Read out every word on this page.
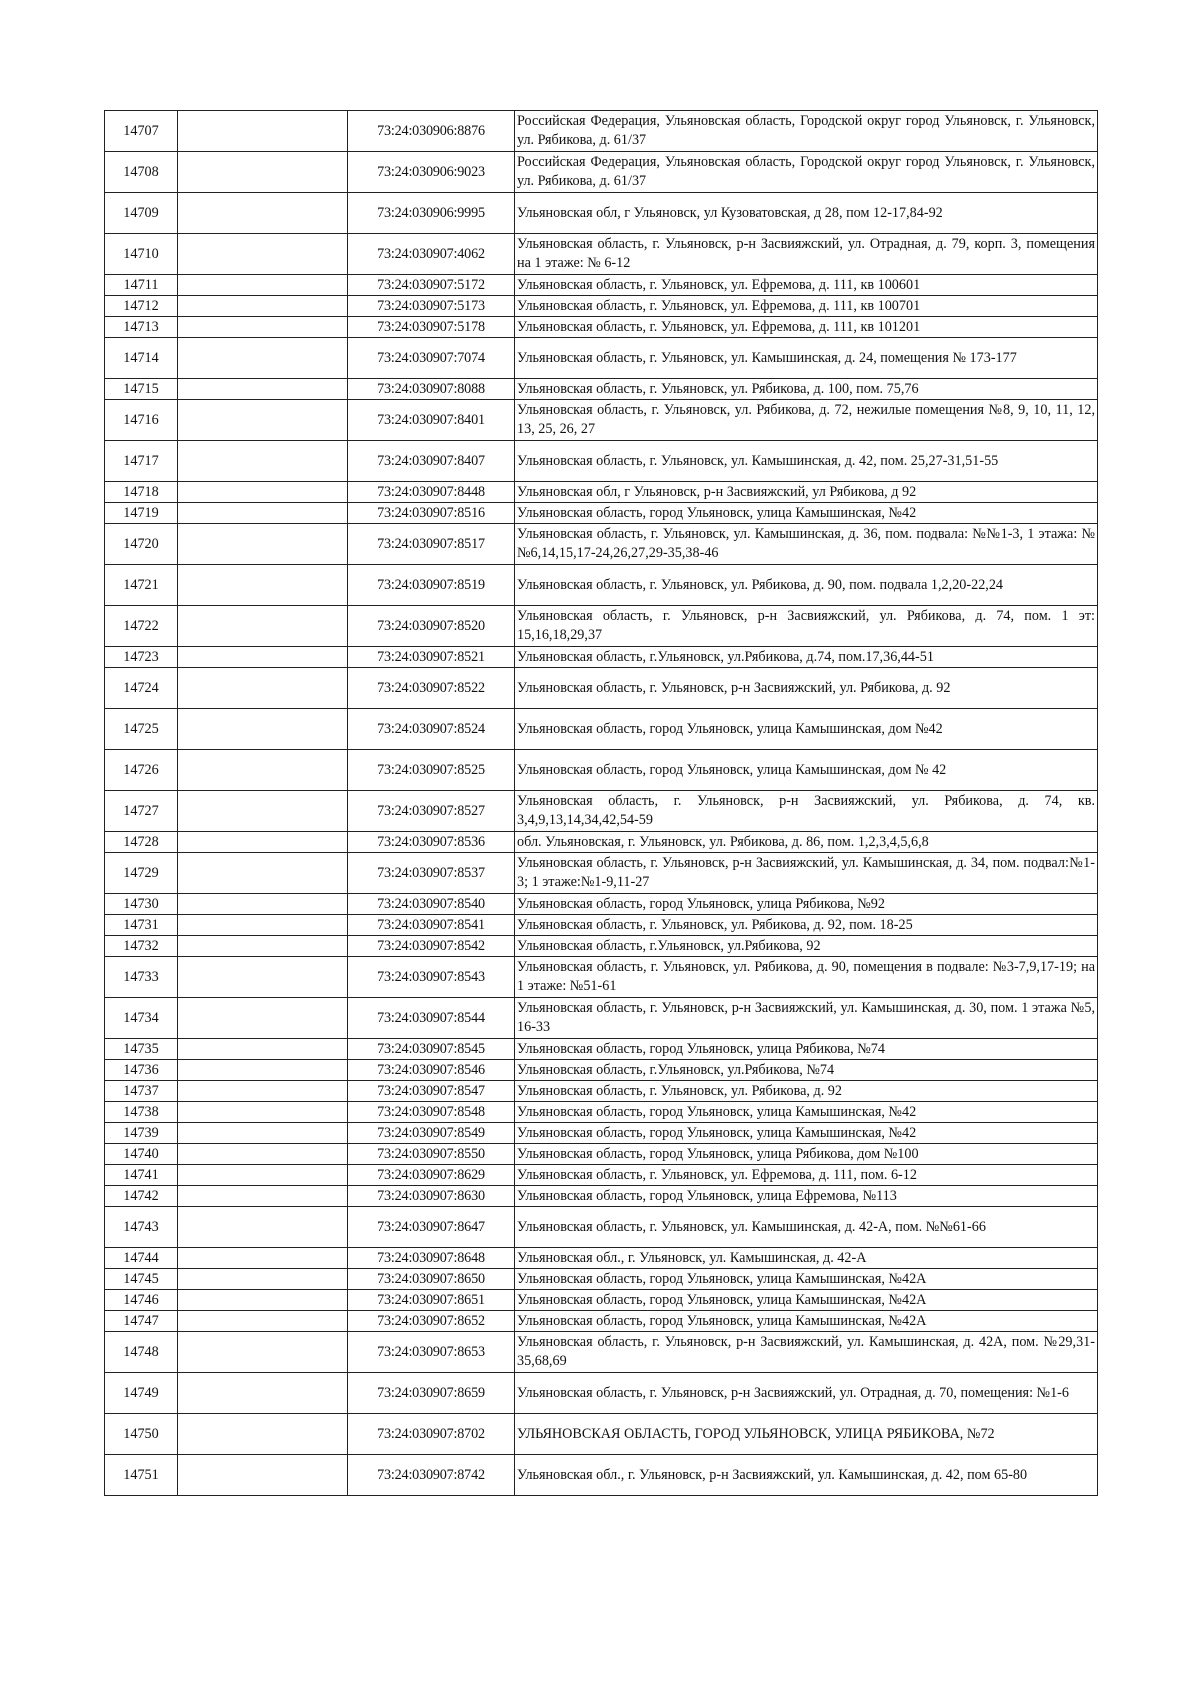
14707		73:24:030906:8876	Российская Федерация, Ульяновская область, Городской округ город Ульяновск, г. Ульяновск, ул. Рябикова, д. 61/37
14708		73:24:030906:9023	Российская Федерация, Ульяновская область, Городской округ город Ульяновск, г. Ульяновск, ул. Рябикова, д. 61/37
14709		73:24:030906:9995	Ульяновская обл, г Ульяновск, ул Кузоватовская, д 28, пом 12-17,84-92
14710		73:24:030907:4062	Ульяновская область, г. Ульяновск, р-н Засвияжский, ул. Отрадная, д. 79, корп. 3, помещения на 1 этаже: № 6-12
14711		73:24:030907:5172	Ульяновская область, г. Ульяновск, ул. Ефремова, д. 111, кв 100601
14712		73:24:030907:5173	Ульяновская область, г. Ульяновск, ул. Ефремова, д. 111, кв 100701
14713		73:24:030907:5178	Ульяновская область, г. Ульяновск, ул. Ефремова, д. 111, кв 101201
14714		73:24:030907:7074	Ульяновская область, г. Ульяновск, ул. Камышинская, д. 24, помещения № 173-177
14715		73:24:030907:8088	Ульяновская область, г. Ульяновск, ул. Рябикова, д. 100, пом. 75,76
14716		73:24:030907:8401	Ульяновская область, г. Ульяновск, ул. Рябикова, д. 72, нежилые помещения №8, 9, 10, 11, 12, 13, 25, 26, 27
14717		73:24:030907:8407	Ульяновская область, г. Ульяновск, ул. Камышинская, д. 42, пом. 25,27-31,51-55
14718		73:24:030907:8448	Ульяновская обл, г Ульяновск, р-н Засвияжский, ул Рябикова, д 92
14719		73:24:030907:8516	Ульяновская область, город Ульяновск, улица Камышинская, №42
14720		73:24:030907:8517	Ульяновская область, г. Ульяновск, ул. Камышинская, д. 36, пом. подвала: №№1-3, 1 этажа: №№6,14,15,17-24,26,27,29-35,38-46
14721		73:24:030907:8519	Ульяновская область, г. Ульяновск, ул. Рябикова, д. 90, пом. подвала 1,2,20-22,24
14722		73:24:030907:8520	Ульяновская область, г. Ульяновск, р-н Засвияжский, ул. Рябикова, д. 74, пом. 1 эт: 15,16,18,29,37
14723		73:24:030907:8521	Ульяновская область, г.Ульяновск, ул.Рябикова, д.74, пом.17,36,44-51
14724		73:24:030907:8522	Ульяновская область, г. Ульяновск, р-н Засвияжский, ул. Рябикова, д. 92
14725		73:24:030907:8524	Ульяновская область, город Ульяновск, улица Камышинская, дом №42
14726		73:24:030907:8525	Ульяновская область, город Ульяновск, улица Камышинская, дом № 42
14727		73:24:030907:8527	Ульяновская область, г. Ульяновск, р-н Засвияжский, ул. Рябикова, д. 74, кв. 3,4,9,13,14,34,42,54-59
14728		73:24:030907:8536	обл. Ульяновская, г. Ульяновск, ул. Рябикова, д. 86, пом. 1,2,3,4,5,6,8
14729		73:24:030907:8537	Ульяновская область, г. Ульяновск, р-н Засвияжский, ул. Камышинская, д. 34, пом. подвал:№1-3; 1 этаже:№1-9,11-27
14730		73:24:030907:8540	Ульяновская область, город Ульяновск, улица Рябикова, №92
14731		73:24:030907:8541	Ульяновская область, г. Ульяновск, ул. Рябикова, д. 92, пом. 18-25
14732		73:24:030907:8542	Ульяновская область, г.Ульяновск, ул.Рябикова, 92
14733		73:24:030907:8543	Ульяновская область, г. Ульяновск, ул. Рябикова, д. 90, помещения в подвале: №3-7,9,17-19; на 1 этаже: №51-61
14734		73:24:030907:8544	Ульяновская область, г. Ульяновск, р-н Засвияжский, ул. Камышинская, д. 30, пом. 1 этажа №5, 16-33
14735		73:24:030907:8545	Ульяновская область, город Ульяновск, улица Рябикова, №74
14736		73:24:030907:8546	Ульяновская область, г.Ульяновск, ул.Рябикова, №74
14737		73:24:030907:8547	Ульяновская область, г. Ульяновск, ул. Рябикова, д. 92
14738		73:24:030907:8548	Ульяновская область, город Ульяновск, улица Камышинская, №42
14739		73:24:030907:8549	Ульяновская область, город Ульяновск, улица Камышинская, №42
14740		73:24:030907:8550	Ульяновская область, город Ульяновск, улица Рябикова, дом №100
14741		73:24:030907:8629	Ульяновская область, г. Ульяновск, ул. Ефремова, д. 111, пом. 6-12
14742		73:24:030907:8630	Ульяновская область, город Ульяновск, улица Ефремова, №113
14743		73:24:030907:8647	Ульяновская область, г. Ульяновск, ул. Камышинская, д. 42-А, пом. №№61-66
14744		73:24:030907:8648	Ульяновская обл., г. Ульяновск, ул. Камышинская, д. 42-А
14745		73:24:030907:8650	Ульяновская область, город Ульяновск, улица Камышинская, №42А
14746		73:24:030907:8651	Ульяновская область, город Ульяновск, улица Камышинская, №42А
14747		73:24:030907:8652	Ульяновская область, город Ульяновск, улица Камышинская, №42А
14748		73:24:030907:8653	Ульяновская область, г. Ульяновск, р-н Засвияжский, ул. Камышинская, д. 42А, пом. №29,31-35,68,69
14749		73:24:030907:8659	Ульяновская область, г. Ульяновск, р-н Засвияжский, ул. Отрадная, д. 70, помещения: №1-6
14750		73:24:030907:8702	УЛЬЯНОВСКАЯ ОБЛАСТЬ, ГОРОД УЛЬЯНОВСК, УЛИЦА РЯБИКОВА, №72
14751		73:24:030907:8742	Ульяновская обл., г. Ульяновск, р-н Засвияжский, ул. Камышинская, д. 42, пом 65-80
